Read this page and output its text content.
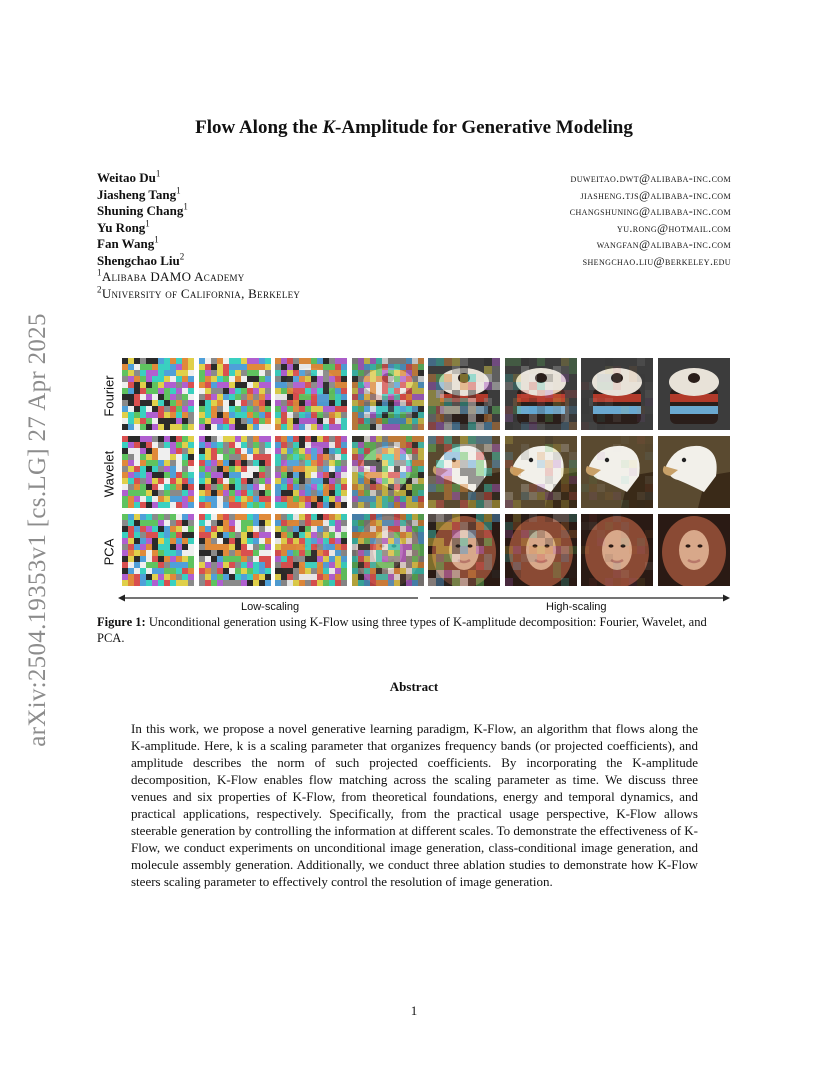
arXiv:2504.19353v1 [cs.LG] 27 Apr 2025
Flow Along the K-Amplitude for Generative Modeling
Weitao Du$^1$
Jiasheng Tang$^1$
Shuning Chang$^1$
Yu Rong$^1$
Fan Wang$^1$
Shengchao Liu$^2$
$^1$Alibaba DAMO Academy
$^2$University of California, Berkeley
duweitao.dwt@alibaba-inc.com
jiasheng.tjs@alibaba-inc.com
changshuning@alibaba-inc.com
yu.rong@hotmail.com
wangfan@alibaba-inc.com
shengchao.liu@berkeley.edu
Fourier
Wavelet
PCA
Low-scaling	High-scaling
Figure 1: Unconditional generation using K-Flow using three types of K-amplitude decomposition: Fourier, Wavelet, and PCA.
Abstract
In this work, we propose a novel generative learning paradigm, K-Flow, an algorithm that flows along the K-amplitude. Here, k is a scaling parameter that organizes frequency bands (or projected coefficients), and amplitude describes the norm of such projected coefficients. By incorporating the K-amplitude decomposition, K-Flow enables flow matching across the scaling parameter as time. We discuss three venues and six properties of K-Flow, from theoretical foundations, energy and temporal dynamics, and practical applications, respectively. Specifically, from the practical usage perspective, K-Flow allows steerable generation by controlling the information at different scales. To demonstrate the effectiveness of K-Flow, we conduct experiments on unconditional image generation, class-conditional image generation, and molecule assembly generation. Additionally, we conduct three ablation studies to demonstrate how K-Flow steers scaling parameter to effectively control the resolution of image generation.
1
